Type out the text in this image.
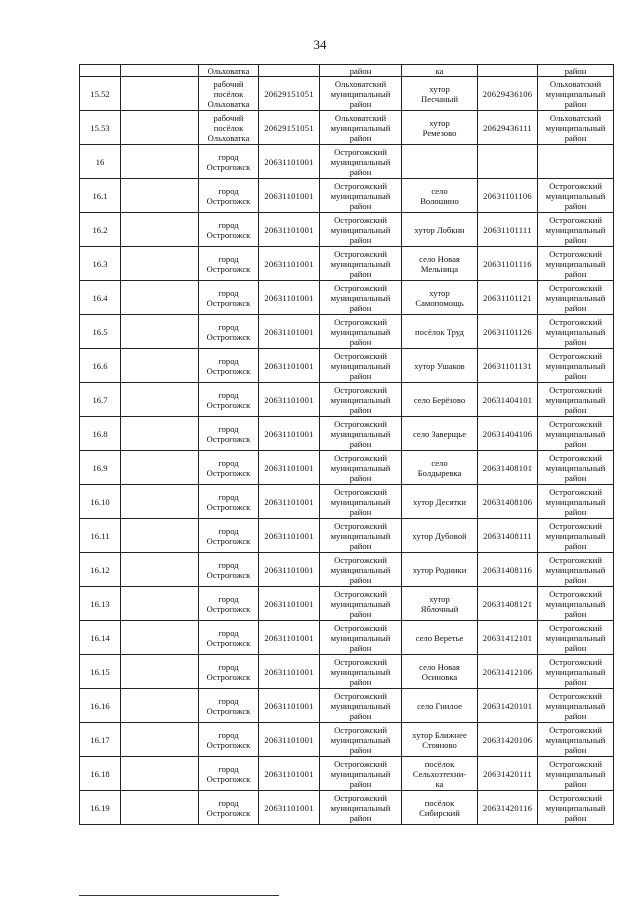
34
		Ольховатка		район	ка		район
15.52		рабочий
посёлок
Ольховатка	20629151051	Ольховатский
муниципальный
район	хутор
Песчаный	20629436106	Ольховатский
муниципальный
район
15.53		рабочий
посёлок
Ольховатка	20629151051	Ольховатский
муниципальный
район	хутор
Ремезово	20629436111	Ольховатский
муниципальный
район
16		город
Острогожск	20631101001	Острогожский
муниципальный
район			
16.1		город
Острогожск	20631101001	Острогожский
муниципальный
район	село
Волошино	20631101106	Острогожский
муниципальный
район
16.2		город
Острогожск	20631101001	Острогожский
муниципальный
район	хутор Лобкин	20631101111	Острогожский
муниципальный
район
16.3		город
Острогожск	20631101001	Острогожский
муниципальный
район	село Новая
Мельница	20631101116	Острогожский
муниципальный
район
16.4		город
Острогожск	20631101001	Острогожский
муниципальный
район	хутор
Самопомощь	20631101121	Острогожский
муниципальный
район
16.5		город
Острогожск	20631101001	Острогожский
муниципальный
район	посёлок Труд	20631101126	Острогожский
муниципальный
район
16.6		город
Острогожск	20631101001	Острогожский
муниципальный
район	хутор Ушаков	20631101131	Острогожский
муниципальный
район
16.7		город
Острогожск	20631101001	Острогожский
муниципальный
район	село Берёзово	20631404101	Острогожский
муниципальный
район
16.8		город
Острогожск	20631101001	Острогожский
муниципальный
район	село Заверщье	20631404106	Острогожский
муниципальный
район
16.9		город
Острогожск	20631101001	Острогожский
муниципальный
район	село
Болдыревка	20631408101	Острогожский
муниципальный
район
16.10		город
Острогожск	20631101001	Острогожский
муниципальный
район	хутор Десятки	20631408106	Острогожский
муниципальный
район
16.11		город
Острогожск	20631101001	Острогожский
муниципальный
район	хутор Дубовой	20631408111	Острогожский
муниципальный
район
16.12		город
Острогожск	20631101001	Острогожский
муниципальный
район	хутор Родники	20631408116	Острогожский
муниципальный
район
16.13		город
Острогожск	20631101001	Острогожский
муниципальный
район	хутор
Яблочный	20631408121	Острогожский
муниципальный
район
16.14		город
Острогожск	20631101001	Острогожский
муниципальный
район	село Веретье	20631412101	Острогожский
муниципальный
район
16.15		город
Острогожск	20631101001	Острогожский
муниципальный
район	село Новая
Осиновка	20631412106	Острогожский
муниципальный
район
16.16		город
Острогожск	20631101001	Острогожский
муниципальный
район	село Гнилое	20631420101	Острогожский
муниципальный
район
16.17		город
Острогожск	20631101001	Острогожский
муниципальный
район	хутор Ближнее
Стояново	20631420106	Острогожский
муниципальный
район
16.18		город
Острогожск	20631101001	Острогожский
муниципальный
район	посёлок
Сельхозтехни-
ка	20631420111	Острогожский
муниципальный
район
16.19		город
Острогожск	20631101001	Острогожский
муниципальный
район	посёлок
Сибирский	20631420116	Острогожский
муниципальный
район
